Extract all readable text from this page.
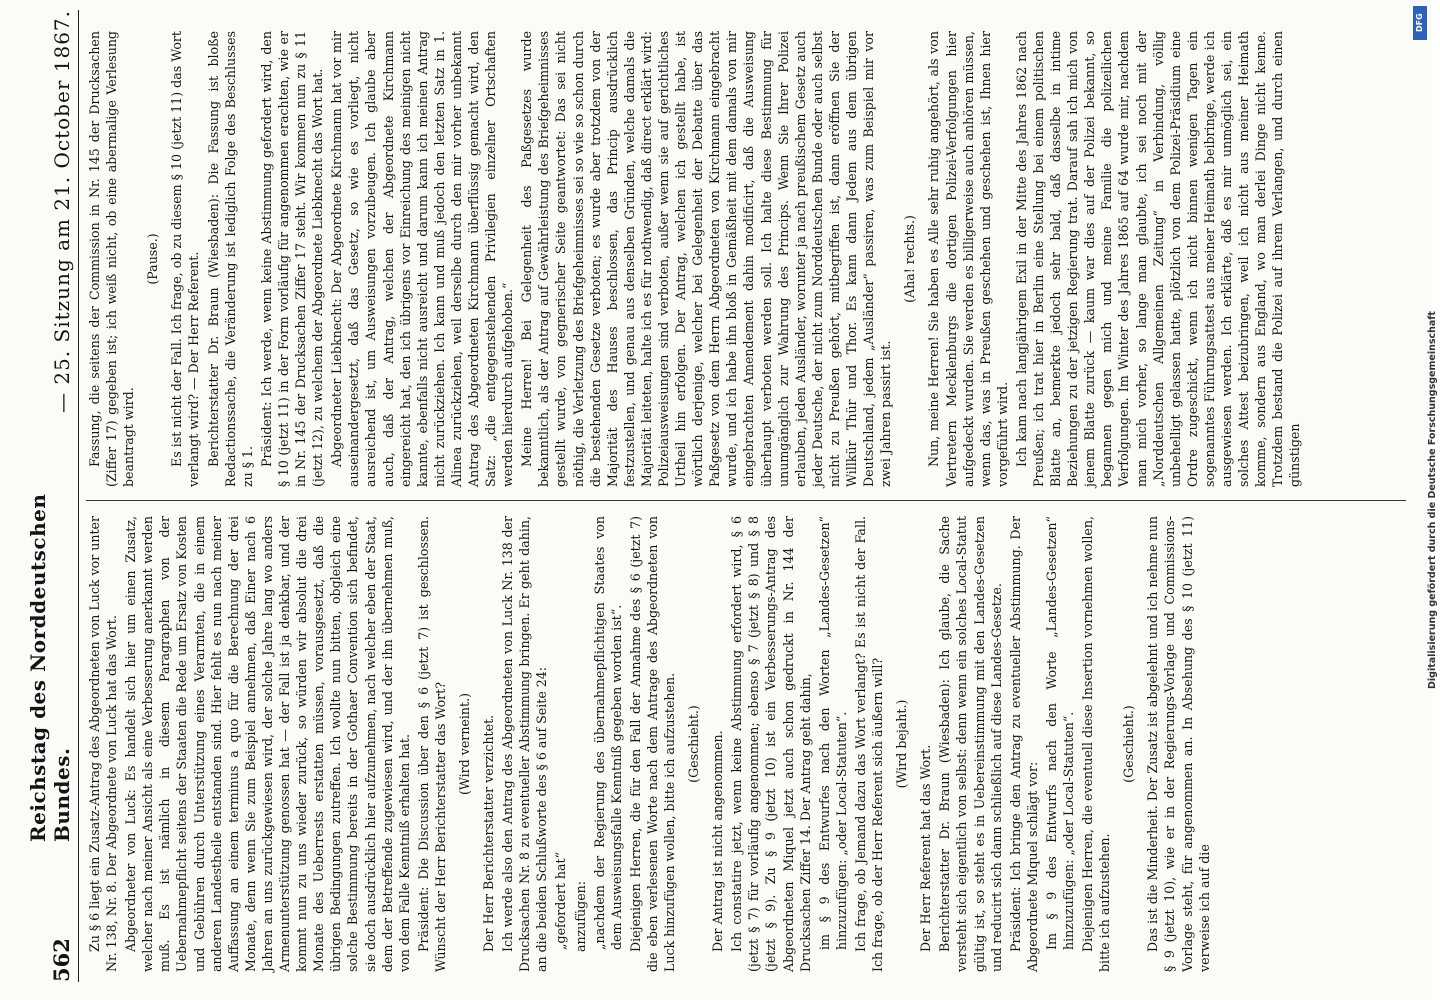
562
Reichstag des Norddeutschen Bundes.
— 25. Sitzung am 21. October 1867.

Zu § 6 liegt ein Zusatz-Antrag des Abgeordneten von Luck vor unter Nr. 138, Nr. 8. Der Abgeordnete von Luck hat das Wort. Abgeordneter von Luck: Es handelt sich hier um einen Zusatz, welcher nach meiner Ansicht als eine Verbesserung anerkannt werden muß. Es ist nämlich in diesem Paragraphen von der Uebernahmepflicht seitens der Staaten die Rede um Ersatz von Kosten und Gebühren durch Unterstützung eines Verarmten, die in einem anderen Landestheile entstanden sind. Hier fehlt es nun nach meiner Auffassung an einem terminus a quo für die Berechnung der drei Monate, denn wenn Sie zum Beispiel annehmen, daß Einer nach 6 Jahren an uns zurückgewiesen wird, der solche Jahre lang wo anders Armenunterstützung genossen hat — der Fall ist ja denkbar, und der kommt nun zu uns wieder zurück, so würden wir absolut die drei Monate des Ueberrests erstatten müssen, vorausgesetzt, daß die übrigen Bedingungen zutreffen. Ich wollte nun bitten, obgleich eine solche Bestimmung bereits in der Gothaer Convention sich befindet, sie doch ausdrücklich hier aufzunehmen, nach welcher eben der Staat, dem der Betreffende zugewiesen wird, und der ihn übernehmen muß, von dem Falle Kenntniß erhalten hat. Präsident: Die Discussion über den § 6 (jetzt 7) ist geschlossen. Wünscht der Herr Berichterstatter das Wort? (Wird verneint.) Der Herr Berichterstatter verzichtet. Ich werde also den Antrag des Abgeordneten von Luck Nr. 138 der Drucksachen Nr. 8 zu eventueller Abstimmung bringen. Er geht dahin, an die beiden Schlußworte des § 6 auf Seite 24: „gefordert hat“ anzufügen: „nachdem der Regierung des übernahmepflichtigen Staates von dem Ausweisungsfalle Kenntniß gegeben worden ist“. Diejenigen Herren, die für den Fall der Annahme des § 6 (jetzt 7) die eben verlesenen Worte nach dem Antrage des Abgeordneten von Luck hinzufügen wollen, bitte ich aufzustehen. (Geschieht.) Der Antrag ist nicht angenommen. Ich constatire jetzt, wenn keine Abstimmung erfordert wird, § 6 (jetzt § 7) für vorläufig angenommen; ebenso § 7 (jetzt § 8) und § 8 (jetzt § 9). Zu § 9 (jetzt 10) ist ein Verbesserungs-Antrag des Abgeordneten Miquel jetzt auch schon gedruckt in Nr. 144 der Drucksachen Ziffer 14. Der Antrag geht dahin, im § 9 des Entwurfes nach den Worten „Landes-Gesetzen“ hinzuzufügen: „oder Local-Statuten“. Ich frage, ob Jemand dazu das Wort verlangt? Es ist nicht der Fall. Ich frage, ob der Herr Referent sich äußern will? (Wird bejaht.)

Der Herr Referent hat das Wort. Berichterstatter Dr. Braun (Wiesbaden): Ich glaube, die Sache versteht sich eigentlich von selbst: denn wenn ein solches Local-Statut gültig ist, so steht es in Uebereinstimmung mit den Landes-Gesetzen und reducirt sich dann schließlich auf diese Landes-Gesetze. Präsident: Ich bringe den Antrag zu eventueller Abstimmung. Der Abgeordnete Miquel schlägt vor: Im § 9 des Entwurfs nach den Worte „Landes-Gesetzen“ hinzuzufügen: „oder Local-Statuten“. Diejenigen Herren, die eventuell diese Insertion vornehmen wollen, bitte ich aufzustehen.

(Geschieht.) Das ist die Minderheit. Der Zusatz ist abgelehnt und ich nehme nun § 9 (jetzt 10), wie er in der Regierungs-Vorlage und Commissions-Vorlage steht, für angenommen an. In Absehung des § 10 (jetzt 11) verweise ich auf die

Fassung, die seitens der Commission in Nr. 145 der Drucksachen (Ziffer 17) gegeben ist; ich weiß nicht, ob eine abermalige Verlesung beantragt wird.

(Pause.) Es ist nicht der Fall. Ich frage, ob zu diesem § 10 (jetzt 11) das Wort verlangt wird? — Der Herr Referent. Berichterstatter Dr. Braun (Wiesbaden): Die Fassung ist bloße Redactionssache, die Veränderung ist lediglich Folge des Beschlusses zu § 1. Präsident: Ich werde, wenn keine Abstimmung gefordert wird, den § 10 (jetzt 11) in der Form vorläufig für angenommen erachten, wie er in Nr. 145 der Drucksachen Ziffer 17 steht. Wir kommen nun zu § 11 (jetzt 12), zu welchem der Abgeordnete Liebknecht das Wort hat. Abgeordneter Liebknecht: Der Abgeordnete Kirchmann hat vor mir auseinandergesetzt, daß das Gesetz, so wie es vorliegt, nicht ausreichend ist, um Ausweisungen vorzubeugen. Ich glaube aber auch, daß der Antrag, welchen der Abgeordnete Kirchmann eingereicht hat, den ich übrigens vor Einreichung des meinigen nicht kannte, ebenfalls nicht ausreicht und darum kann ich meinen Antrag nicht zurückziehen. Ich kann und muß jedoch den letzten Satz in 1. Alinea zurückziehen, weil derselbe durch den mir vorher unbekannt Antrag des Abgeordneten Kirchmann überflüssig gemacht wird, den Satz: „die entgegenstehenden Privilegien einzelner Ortschaften werden hierdurch aufgehoben.“ Meine Herren! Bei Gelegenheit des Paßgesetzes wurde bekanntlich, als der Antrag auf Gewährleistung des Briefgeheimnisses gestellt wurde, von gegnerischer Seite geantwortet: Das sei nicht nöthig, die Verletzung des Briefgeheimnisses sei so wie so schon durch die bestehenden Gesetze verboten; es wurde aber trotzdem von der Majorität des Hauses beschlossen, das Princip ausdrücklich festzustellen, und genau aus denselben Gründen, welche damals die Majorität leiteten, halte ich es für nothwendig, daß direct erklärt wird: Polizeiausweisungen sind verboten, außer wenn sie auf gerichtliches Urtheil hin erfolgen. Der Antrag, welchen ich gestellt habe, ist wörtlich derjenige, welcher bei Gelegenheit der Debatte über das Paßgesetz von dem Herrn Abgeordneten von Kirchmann eingebracht wurde, und ich habe ihn bloß in Gemäßheit mit dem damals von mir eingebrachten Amendement dahin modificirt, daß die Ausweisung überhaupt verboten werden soll. Ich halte diese Bestimmung für unumgänglich zur Wahrung des Princips. Wenn Sie Ihrer Polizei erlauben, jeden Ausländer, worunter ja nach preußischem Gesetz auch jeder Deutsche, der nicht zum Norddeutschen Bunde oder auch selbst nicht zu Preußen gehört, mitbegriffen ist, dann eröffnen Sie der Willkür Thür und Thor. Es kann dann Jedem aus dem übrigen Deutschland, jedem „Ausländer“ passiren, was zum Beispiel mir vor zwei Jahren passirt ist.

(Aha! rechts.) Nun, meine Herren! Sie haben es Alle sehr ruhig angehört, als von Vertretern Mecklenburgs die dortigen Polizei-Verfolgungen hier aufgedeckt wurden. Sie werden es billigerweise auch anhören müssen, wenn das, was in Preußen geschehen und geschehen ist, Ihnen hier vorgeführt wird. Ich kam nach langjährigem Exil in der Mitte des Jahres 1862 nach Preußen; ich trat hier in Berlin eine Stellung bei einem politischen Blatte an, bemerkte jedoch sehr bald, daß dasselbe in intime Beziehungen zu der jetzigen Regierung trat. Darauf sah ich mich von jenem Blatte zurück — kaum war dies auf der Polizei bekannt, so begannen gegen mich und meine Familie die polizeilichen Verfolgungen. Im Winter des Jahres 1865 auf 64 wurde mir, nachdem man mich vorher, so lange man glaubte, ich sei noch mit der „Norddeutschen Allgemeinen Zeitung“ in Verbindung, völlig unbehelligt gelassen hatte, plötzlich von dem Polizei-Präsidium eine Ordre zugeschickt, wenn ich nicht binnen wenigen Tagen ein sogenanntes Führungsattest aus meiner Heimath beibringe, werde ich ausgewiesen werden. Ich erklärte, daß es mir unmöglich sei, ein solches Attest beizubringen, weil ich nicht aus meiner Heimath komme, sondern aus England, wo man derlei Dinge nicht kenne. Trotzdem bestand die Polizei auf ihrem Verlangen, und durch einen günstigen	Digitalisierung gefördert durch die Deutsche Forschungsgemeinschaft
DFG
